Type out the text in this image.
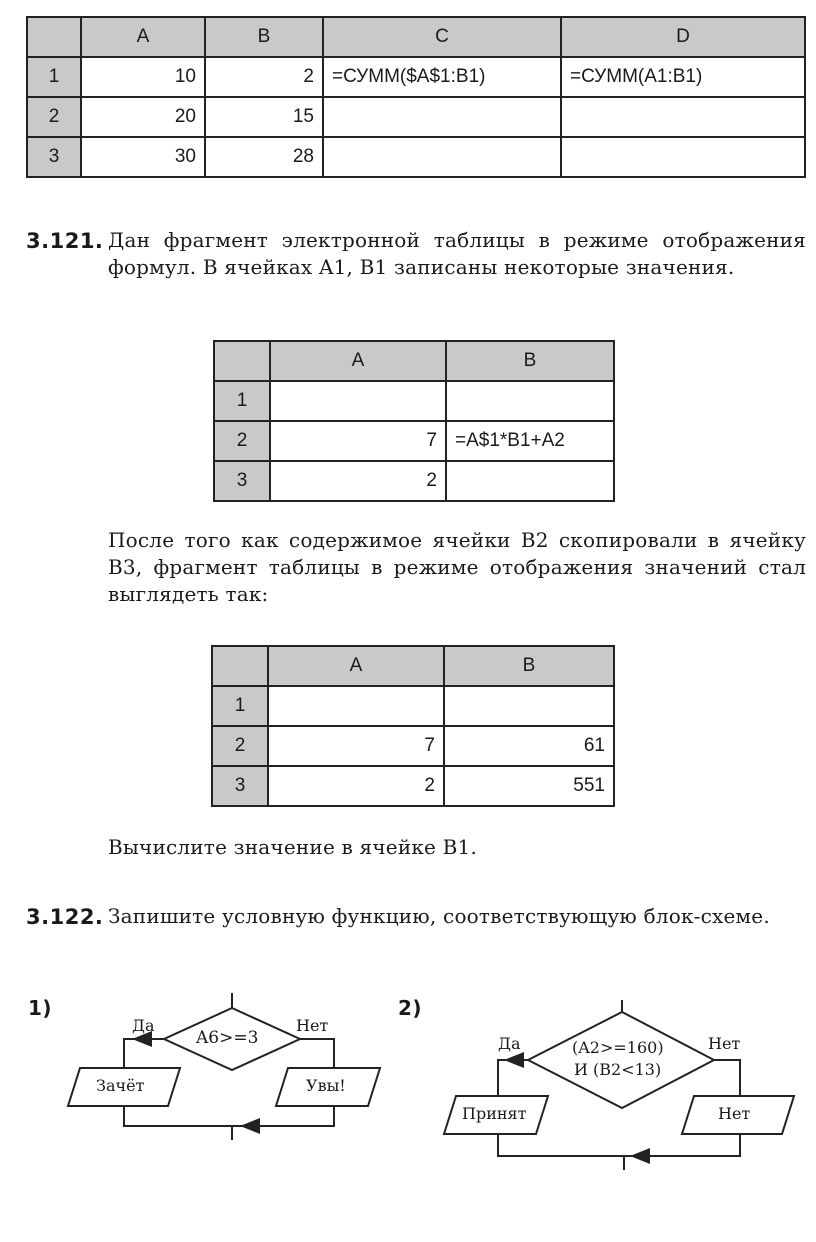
	A	B	C	D
1	10	2	=СУММ($A$1:B1)	=СУММ(A1:B1)
2	20	15		
3	30	28		
3.121. Дан фрагмент электронной таблицы в режиме отображения формул. В ячейках A1, B1 записаны некоторые значения.
	A	B
1		
2	7	=A$1*B1+A2
3	2	
После того как содержимое ячейки B2 скопировали в ячейку B3, фрагмент таблицы в режиме отображения значений стал выглядеть так:
	A	B
1		
2	7	61
3	2	551
Вычислите значение в ячейке B1.
3.122. Запишите условную функцию, соответствующую блок-схеме.
1)
Да	Нет
A6>=3
Зачёт	Увы!
2)
Да	Нет
(A2>=160)
И (B2<13)
Принят	Нет
